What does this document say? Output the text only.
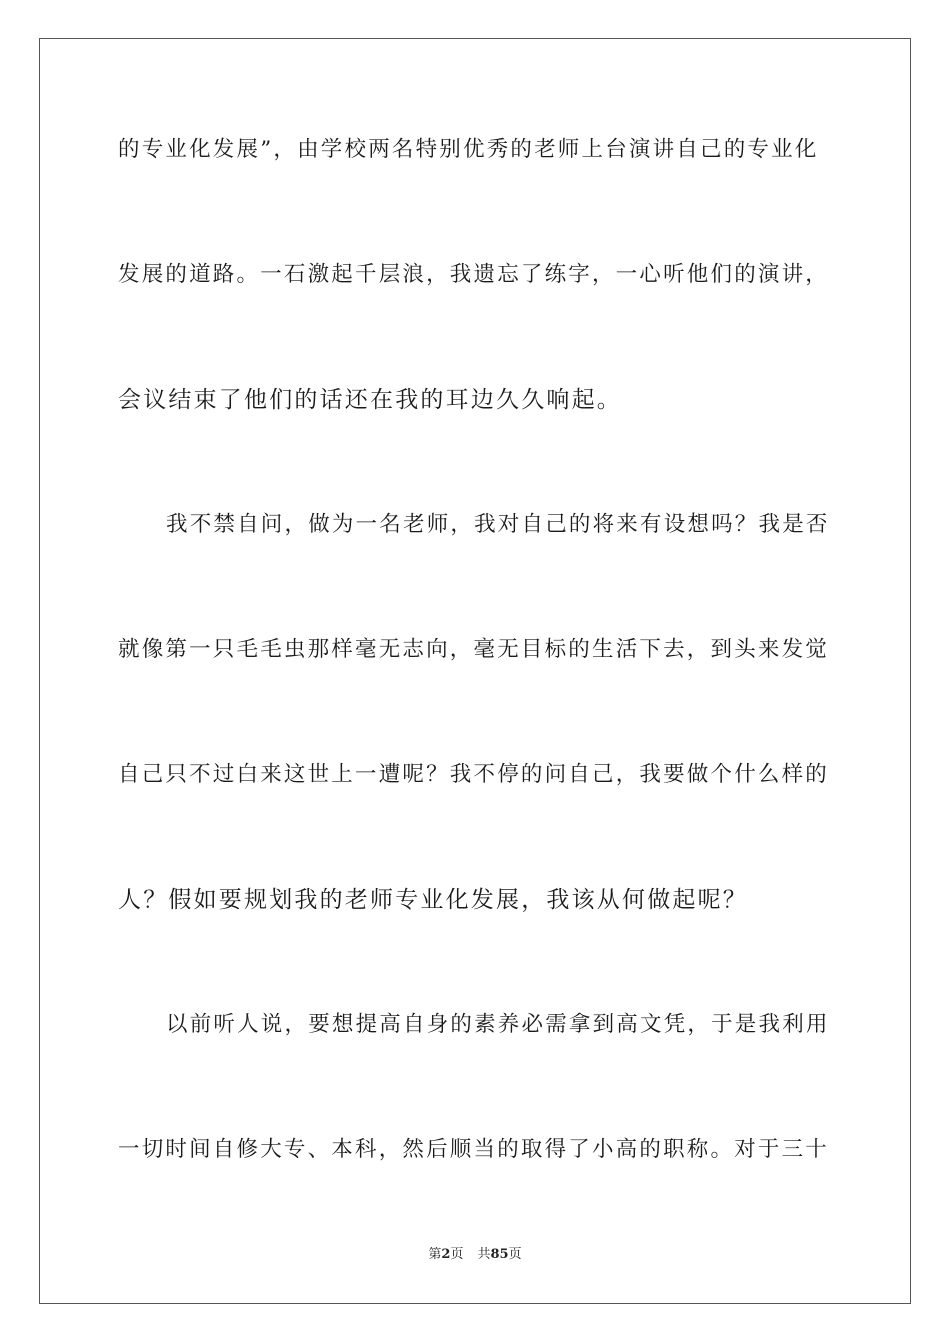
的专业化发展”，由学校两名特别优秀的老师上台演讲自己的专业化
发展的道路。一石激起千层浪，我遗忘了练字，一心听他们的演讲，
会议结束了他们的话还在我的耳边久久响起。
我不禁自问，做为一名老师，我对自己的将来有设想吗？我是否
就像第一只毛毛虫那样毫无志向，毫无目标的生活下去，到头来发觉
自己只不过白来这世上一遭呢？我不停的问自己，我要做个什么样的
人？假如要规划我的老师专业化发展，我该从何做起呢？
以前听人说，要想提高自身的素养必需拿到高文凭，于是我利用
一切时间自修大专、本科，然后顺当的取得了小高的职称。对于三十
第2页 共85页
